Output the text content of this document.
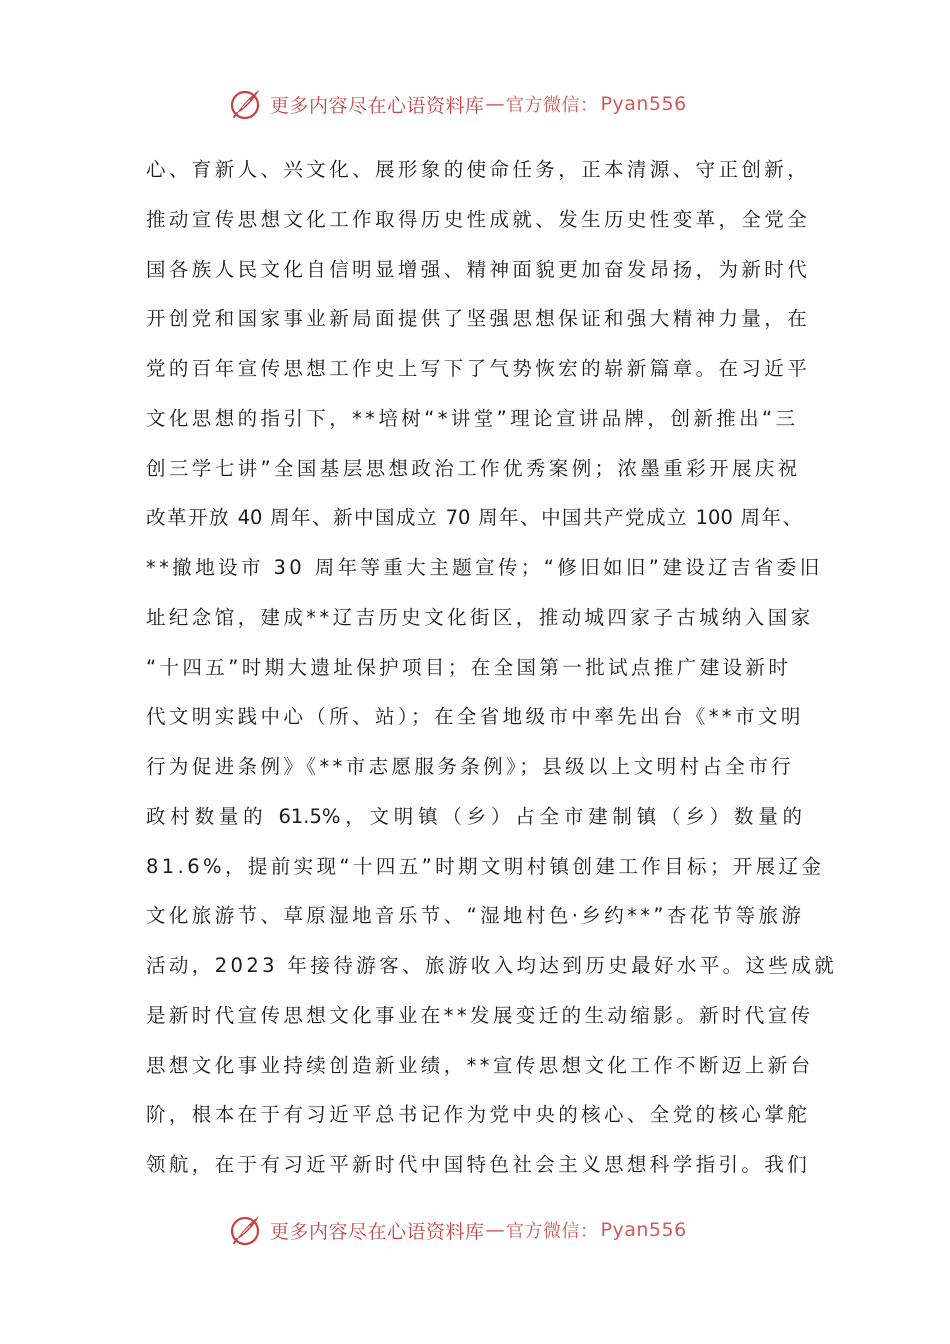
更多内容尽在心语资料库 — 官方微信： Pyan556
心、育新人、兴文化、展形象的使命任务，正本清源、守正创新，
推动宣传思想文化工作取得历史性成就、发生历史性变革，全党全
国各族人民文化自信明显增强、精神面貌更加奋发昂扬，为新时代
开创党和国家事业新局面提供了坚强思想保证和强大精神力量，在
党的百年宣传思想工作史上写下了气势恢宏的崭新篇章。在习近平
文化思想的指引下，**培树“*讲堂”理论宣讲品牌，创新推出“三
创三学七讲”全国基层思想政治工作优秀案例；浓墨重彩开展庆祝
改革开放 40 周年、新中国成立 70 周年、中国共产党成立 100 周年、
**撤地设市 30 周年等重大主题宣传；“修旧如旧”建设辽吉省委旧
址纪念馆，建成**辽吉历史文化街区，推动城四家子古城纳入国家
“十四五”时期大遗址保护项目；在全国第一批试点推广建设新时
代文明实践中心（所、站）；在全省地级市中率先出台《**市文明
行为促进条例》《**市志愿服务条例》；县级以上文明村占全市行
政村数量的 61.5%，文明镇（乡）占全市建制镇（乡）数量的
81.6%，提前实现“十四五”时期文明村镇创建工作目标；开展辽金
文化旅游节、草原湿地音乐节、“湿地村色·乡约**”杏花节等旅游
活动，2023 年接待游客、旅游收入均达到历史最好水平。这些成就
是新时代宣传思想文化事业在**发展变迁的生动缩影。新时代宣传
思想文化事业持续创造新业绩，**宣传思想文化工作不断迈上新台
阶，根本在于有习近平总书记作为党中央的核心、全党的核心掌舵
领航，在于有习近平新时代中国特色社会主义思想科学指引。我们
更多内容尽在心语资料库 — 官方微信： Pyan556
